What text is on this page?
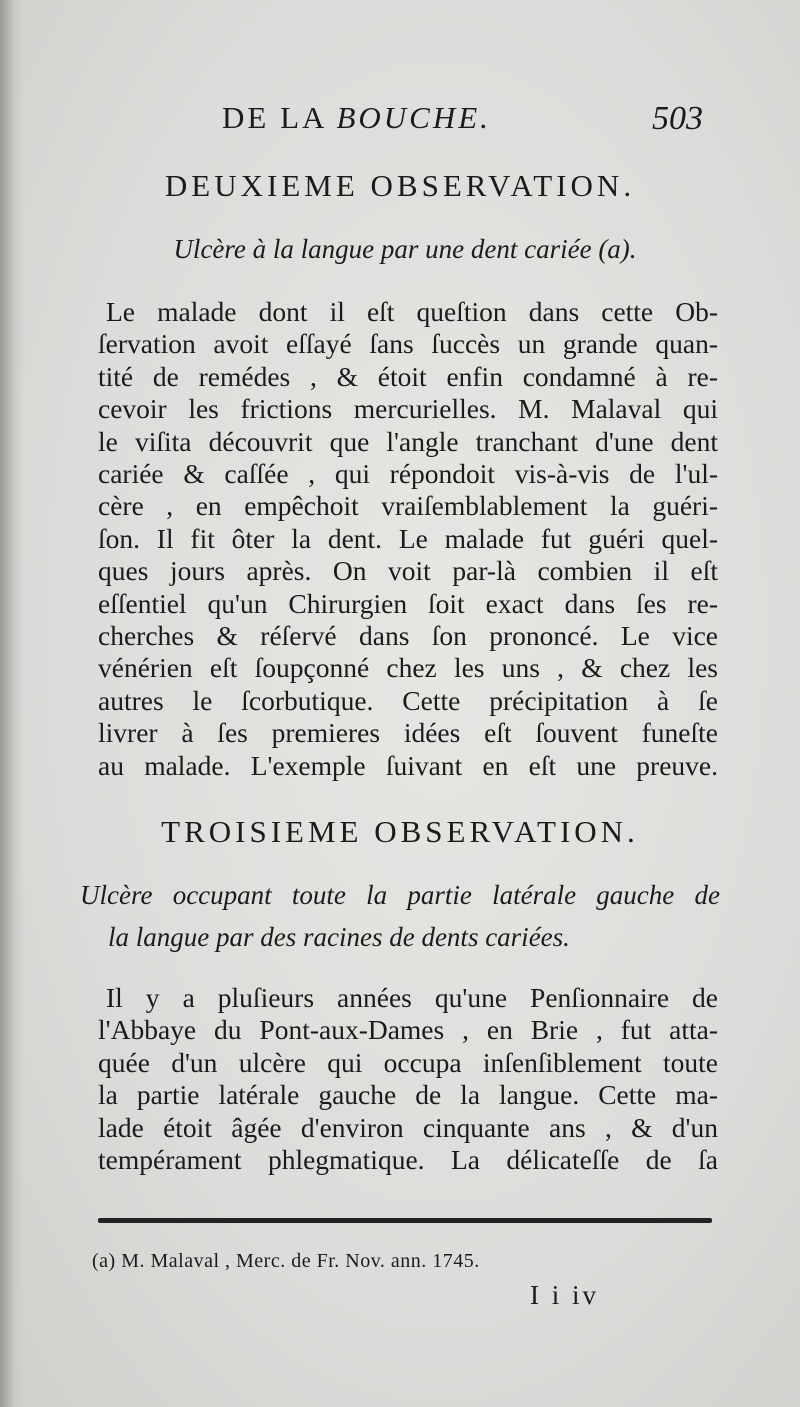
DE LA BOUCHE.	503
DEUXIEME OBSERVATION.
Ulcère à la langue par une dent cariée (a).
Le malade dont il eſt queſtion dans cette Ob-
ſervation avoit eſſayé ſans ſuccès un grande quan-
tité de remédes , & étoit enfin condamné à re-
cevoir les frictions mercurielles. M. Malaval qui
le viſita découvrit que l'angle tranchant d'une dent
cariée & caſſée , qui répondoit vis-à-vis de l'ul-
cère , en empêchoit vraiſemblablement la guéri-
ſon. Il fit ôter la dent. Le malade fut guéri quel-
ques jours après. On voit par-là combien il eſt
eſſentiel qu'un Chirurgien ſoit exact dans ſes re-
cherches & réſervé dans ſon prononcé. Le vice
vénérien eſt ſoupçonné chez les uns , & chez les
autres le ſcorbutique. Cette précipitation à ſe
livrer à ſes premieres idées eſt ſouvent funeſte
au malade. L'exemple ſuivant en eſt une preuve.
TROISIEME OBSERVATION.
Ulcère occupant toute la partie latérale gauche de
la langue par des racines de dents cariées.
Il y a pluſieurs années qu'une Penſionnaire de
l'Abbaye du Pont-aux-Dames , en Brie , fut atta-
quée d'un ulcère qui occupa inſenſiblement toute
la partie latérale gauche de la langue. Cette ma-
lade étoit âgée d'environ cinquante ans , & d'un
tempérament phlegmatique. La délicateſſe de ſa
(a) M. Malaval , Merc. de Fr. Nov. ann. 1745.
I i iv
